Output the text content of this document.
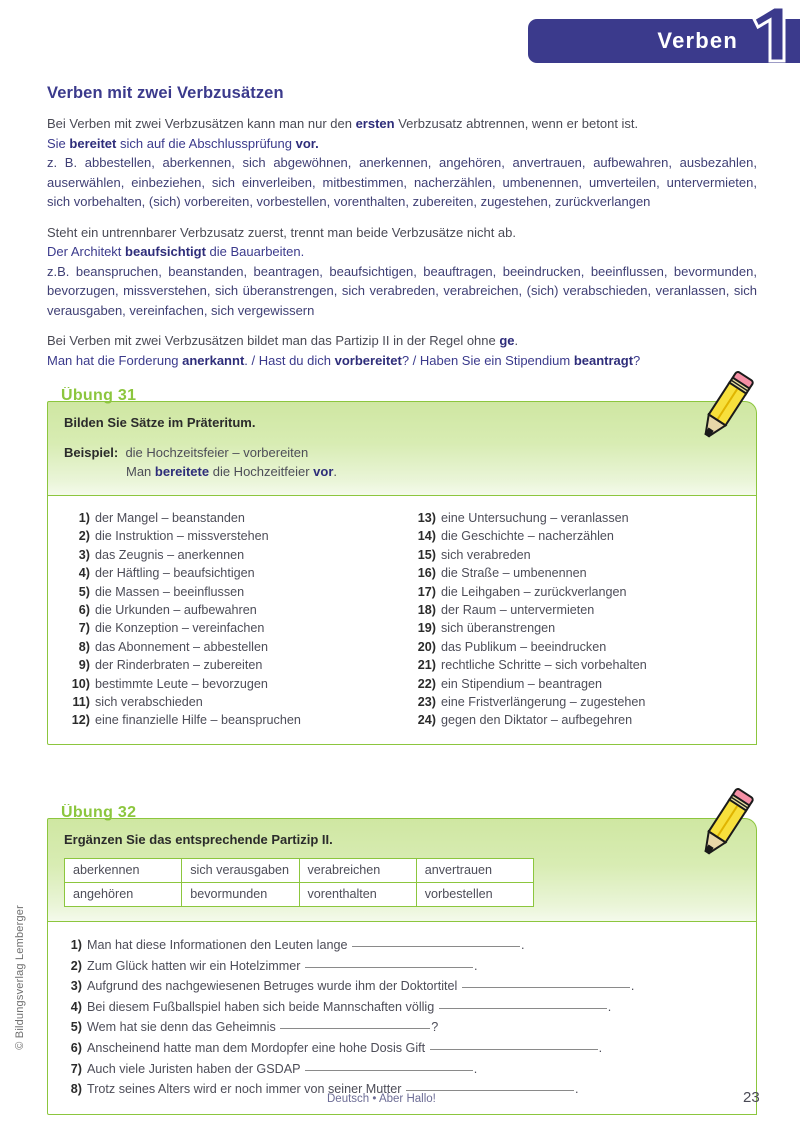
Verben
© Bildungsverlag Lemberger
Verben mit zwei Verbzusätzen

Bei Verben mit zwei Verbzusätzen kann man nur den ersten Verbzusatz abtrennen, wenn er betont ist.

Sie bereitet sich auf die Abschlussprüfung vor.

z. B. abbestellen, aberkennen, sich abgewöhnen, anerkennen, angehören, anvertrauen, aufbewahren, ausbezahlen, auserwählen, einbeziehen, sich einverleiben, mitbestimmen, nacherzählen, umbenennen, umverteilen, untervermieten, sich vorbehalten, (sich) vorbereiten, vorbestellen, vorenthalten, zubereiten, zugestehen, zurückverlangen

Steht ein untrennbarer Verbzusatz zuerst, trennt man beide Verbzusätze nicht ab.

Der Architekt beaufsichtigt die Bauarbeiten.

z.B. beanspruchen, beanstanden, beantragen, beaufsichtigen, beauftragen, beeindrucken, beeinflussen, bevormunden, bevorzugen, missverstehen, sich überanstrengen, sich verabreden, verabreichen, (sich) verabschieden, veranlassen, sich verausgaben, vereinfachen, sich vergewissern

Bei Verben mit zwei Verbzusätzen bildet man das Partizip II in der Regel ohne ge.

Man hat die Forderung anerkannt. / Hast du dich vorbereitet? / Haben Sie ein Stipendium beantragt?

Übung 31

Bilden Sie Sätze im Präteritum.

Beispiel: die Hochzeitsfeier – vorbereiten
Man bereitete die Hochzeitfeier vor.
1) der Mangel – beanstanden
2) die Instruktion – missverstehen
3) das Zeugnis – anerkennen
4) der Häftling – beaufsichtigen
5) die Massen – beeinflussen
6) die Urkunden – aufbewahren
7) die Konzeption – vereinfachen
8) das Abonnement – abbestellen
9) der Rinderbraten – zubereiten
10) bestimmte Leute – bevorzugen
11) sich verabschieden
12) eine finanzielle Hilfe – beanspruchen
13) eine Untersuchung – veranlassen
14) die Geschichte – nacherzählen
15) sich verabreden
16) die Straße – umbenennen
17) die Leihgaben – zurückverlangen
18) der Raum – untervermieten
19) sich überanstrengen
20) das Publikum – beeindrucken
21) rechtliche Schritte – sich vorbehalten
22) ein Stipendium – beantragen
23) eine Fristverlängerung – zugestehen
24) gegen den Diktator – aufbegehren
Übung 32

Ergänzen Sie das entsprechende Partizip II.

aberkennen	sich verausgaben	verabreichen	anvertrauen
angehören	bevormunden	vorenthalten	vorbestellen
1) Man hat diese Informationen den Leuten lange	.
2) Zum Glück hatten wir ein Hotelzimmer	.
3) Aufgrund des nachgewiesenen Betruges wurde ihm der Doktortitel	.
4) Bei diesem Fußballspiel haben sich beide Mannschaften völlig	.
5) Wem hat sie denn das Geheimnis	?
6) Anscheinend hatte man dem Mordopfer eine hohe Dosis Gift	.
7) Auch viele Juristen haben der GSDAP	.
8) Trotz seines Alters wird er noch immer von seiner Mutter	.
Deutsch • Aber Hallo!	23
